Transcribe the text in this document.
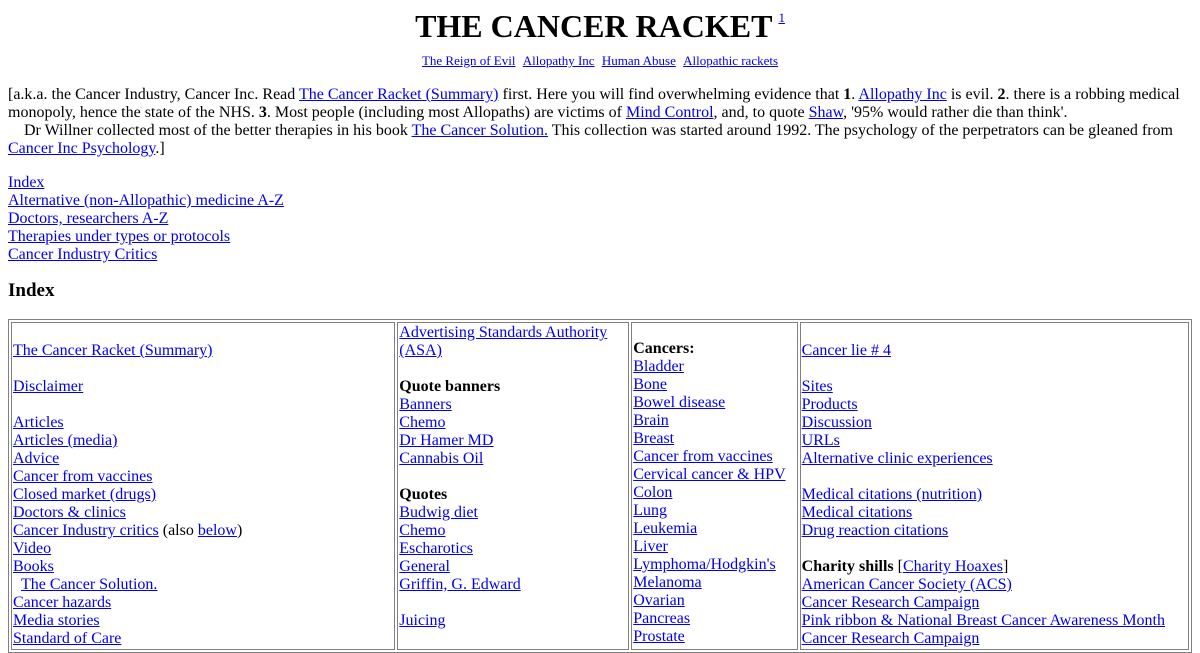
THE CANCER RACKET $^1$
The Reign of Evil Allopathy Inc Human Abuse Allopathic rackets

[a.k.a. the Cancer Industry, Cancer Inc. Read The Cancer Racket (Summary) first. Here you will find overwhelming evidence that 1. Allopathy Inc is evil. 2. there is a robbing medical monopoly, hence the state of the NHS. 3. Most people (including most Allopaths) are victims of Mind Control, and, to quote Shaw, '95% would rather die than think'.

Dr Willner collected most of the better therapies in his book The Cancer Solution. This collection was started around 1992. The psychology of the perpetrators can be gleaned from Cancer Inc Psychology.]

Index
Alternative (non-Allopathic) medicine A-Z
Doctors, researchers A-Z
Therapies under types or protocols
Cancer Industry Critics
Index
The Cancer Racket (Summary)
Disclaimer
Articles
Articles (media)
Advice
Cancer from vaccines
Closed market (drugs)
Doctors & clinics
Cancer Industry critics (also below)
Video
Books
The Cancer Solution.
Cancer hazards
Media stories
Standard of Care

Advertising Standards Authority (ASA)
Quote banners
Banners
Chemo
Dr Hamer MD
Cannabis Oil
Quotes
Budwig diet
Chemo
Escharotics
General
Griffin, G. Edward
Juicing

Cancers:
Bladder
Bone
Bowel disease
Brain
Breast
Cancer from vaccines
Cervical cancer & HPV
Colon
Lung
Leukemia
Liver
Lymphoma/Hodgkin's
Melanoma
Ovarian
Pancreas
Prostate

Cancer lie # 4
Sites
Products
Discussion
URLs
Alternative clinic experiences
Medical citations (nutrition)
Medical citations
Drug reaction citations
Charity shills [Charity Hoaxes]
American Cancer Society (ACS)
Cancer Research Campaign
Pink ribbon & National Breast Cancer Awareness Month
Cancer Research Campaign
